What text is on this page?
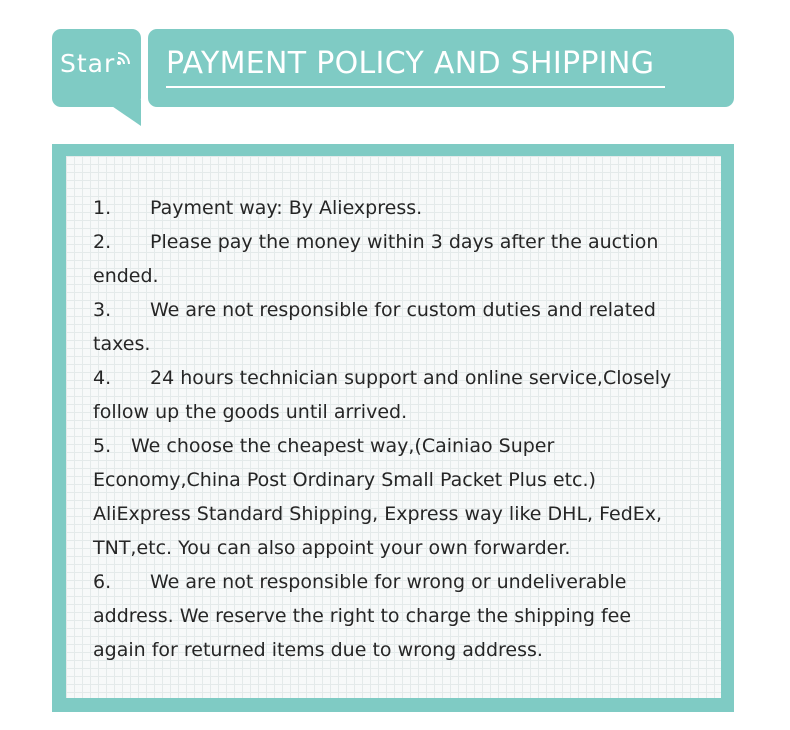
Star PAYMENT POLICY AND SHIPPING
1. Payment way: By Aliexpress.
2. Please pay the money within 3 days after the auction
ended.
3. We are not responsible for custom duties and related
taxes.
4. 24 hours technician support and online service,Closely
follow up the goods until arrived.
5. We choose the cheapest way,(Cainiao Super
Economy,China Post Ordinary Small Packet Plus etc.)
AliExpress Standard Shipping, Express way like DHL, FedEx,
TNT,etc. You can also appoint your own forwarder.
6. We are not responsible for wrong or undeliverable
address. We reserve the right to charge the shipping fee
again for returned items due to wrong address.
